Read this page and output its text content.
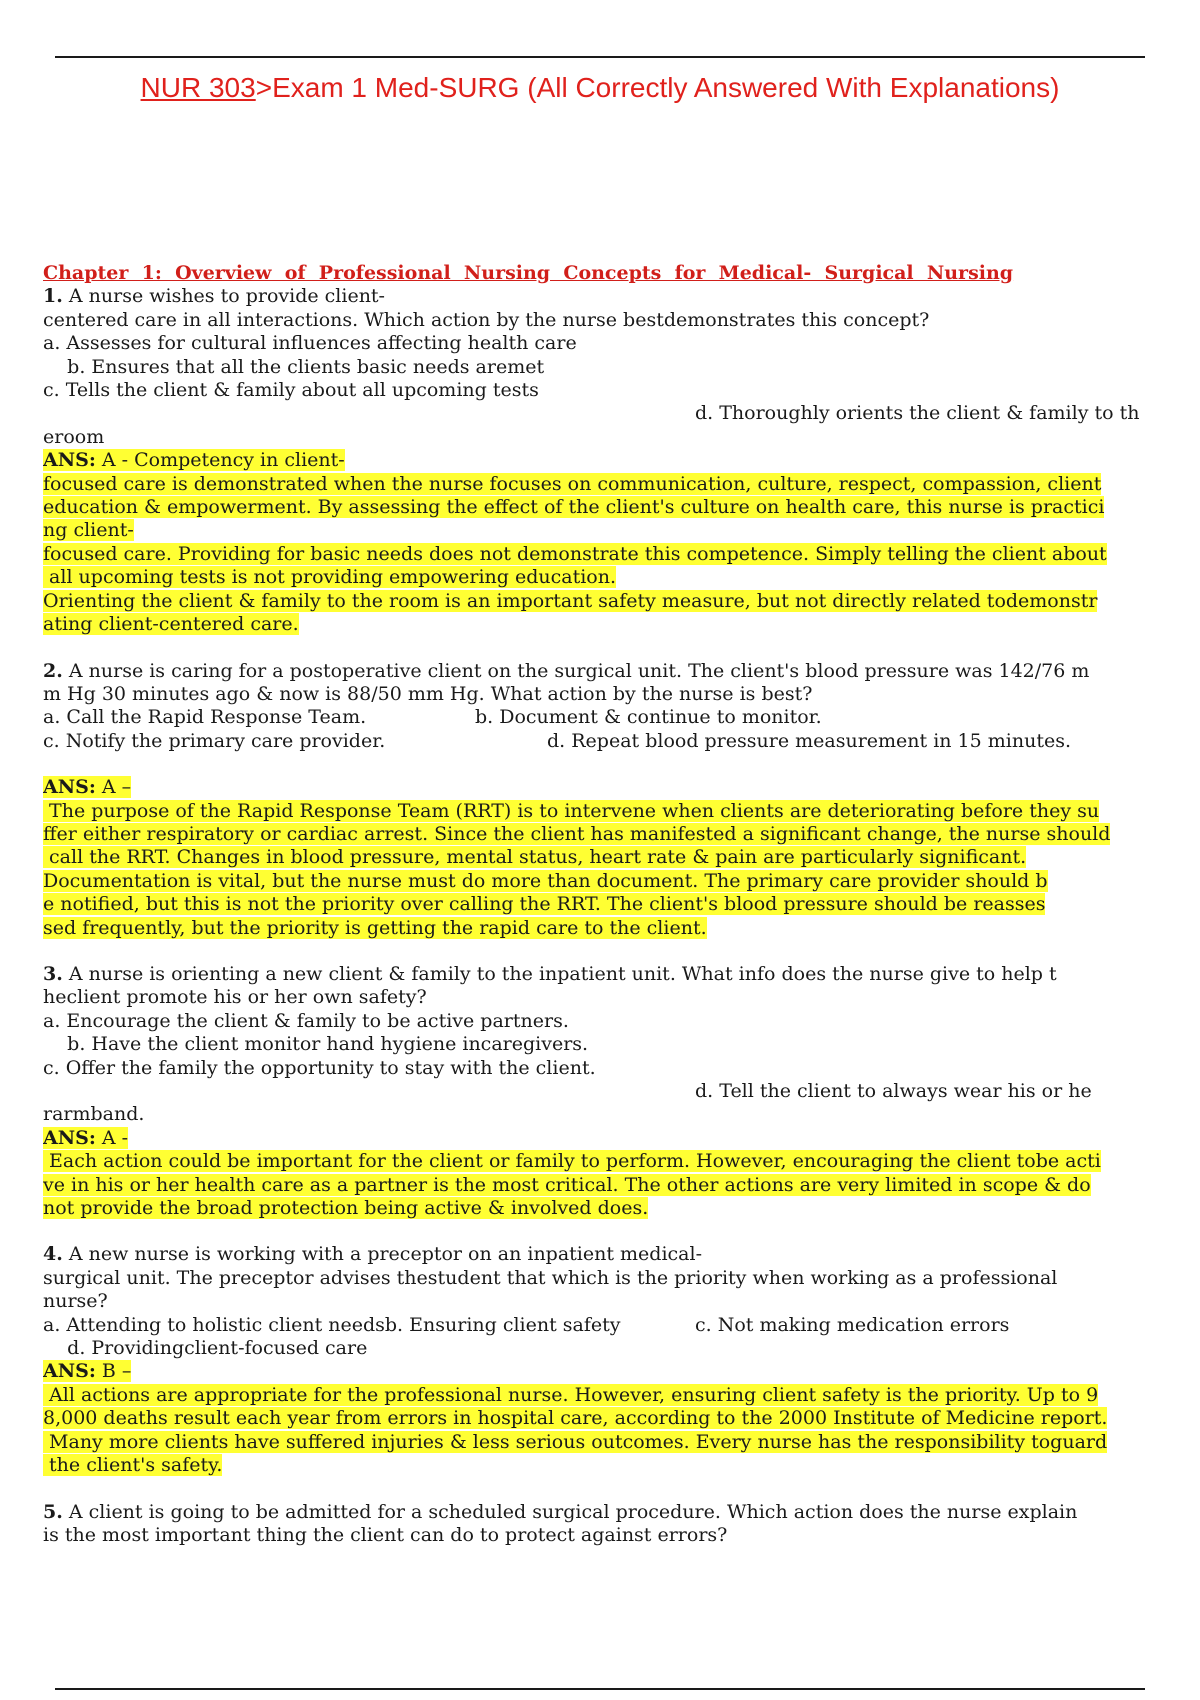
NUR 303>Exam 1 Med-SURG (All Correctly Answered With Explanations)
Chapter  1:  Overview  of  Professional  Nursing  Concepts  for  Medical-  Surgical  Nursing
1. A nurse wishes to provide client-
centered care in all interactions. Which action by the nurse bestdemonstrates this concept?
a. Assesses for cultural influences affecting health care
b. Ensures that all the clients basic needs aremet
c. Tells the client & family about all upcoming tests
d. Thoroughly orients the client & family to th
eroom
ANS: A - Competency in client-
focused care is demonstrated when the nurse focuses on communication, culture, respect, compassion, client
education & empowerment. By assessing the effect of the client's culture on health care, this nurse is practici
ng client-
focused care. Providing for basic needs does not demonstrate this competence. Simply telling the client about
all upcoming tests is not providing empowering education.
Orienting the client & family to the room is an important safety measure, but not directly related todemonstr
ating client-centered care.
2. A nurse is caring for a postoperative client on the surgical unit. The client's blood pressure was 142/76 m
m Hg 30 minutes ago & now is 88/50 mm Hg. What action by the nurse is best?
a. Call the Rapid Response Team.	b. Document & continue to monitor.
c. Notify the primary care provider.	d. Repeat blood pressure measurement in 15 minutes.
ANS: A –
The purpose of the Rapid Response Team (RRT) is to intervene when clients are deteriorating before they su
ffer either respiratory or cardiac arrest. Since the client has manifested a significant change, the nurse should
call the RRT. Changes in blood pressure, mental status, heart rate & pain are particularly significant.
Documentation is vital, but the nurse must do more than document. The primary care provider should b
e notified, but this is not the priority over calling the RRT. The client's blood pressure should be reasses
sed frequently, but the priority is getting the rapid care to the client.
3. A nurse is orienting a new client & family to the inpatient unit. What info does the nurse give to help t
heclient promote his or her own safety?
a. Encourage the client & family to be active partners.
b. Have the client monitor hand hygiene incaregivers.
c. Offer the family the opportunity to stay with the client.
d. Tell the client to always wear his or he
rarmband.
ANS: A -
Each action could be important for the client or family to perform. However, encouraging the client tobe acti
ve in his or her health care as a partner is the most critical. The other actions are very limited in scope & do
not provide the broad protection being active & involved does.
4. A new nurse is working with a preceptor on an inpatient medical-
surgical unit. The preceptor advises thestudent that which is the priority when working as a professional
nurse?
a. Attending to holistic client needsb. Ensuring client safety	c. Not making medication errors
d. Providingclient-focused care
ANS: B –
All actions are appropriate for the professional nurse. However, ensuring client safety is the priority. Up to 9
8,000 deaths result each year from errors in hospital care, according to the 2000 Institute of Medicine report.
Many more clients have suffered injuries & less serious outcomes. Every nurse has the responsibility toguard
the client's safety.
5. A client is going to be admitted for a scheduled surgical procedure. Which action does the nurse explain
is the most important thing the client can do to protect against errors?
